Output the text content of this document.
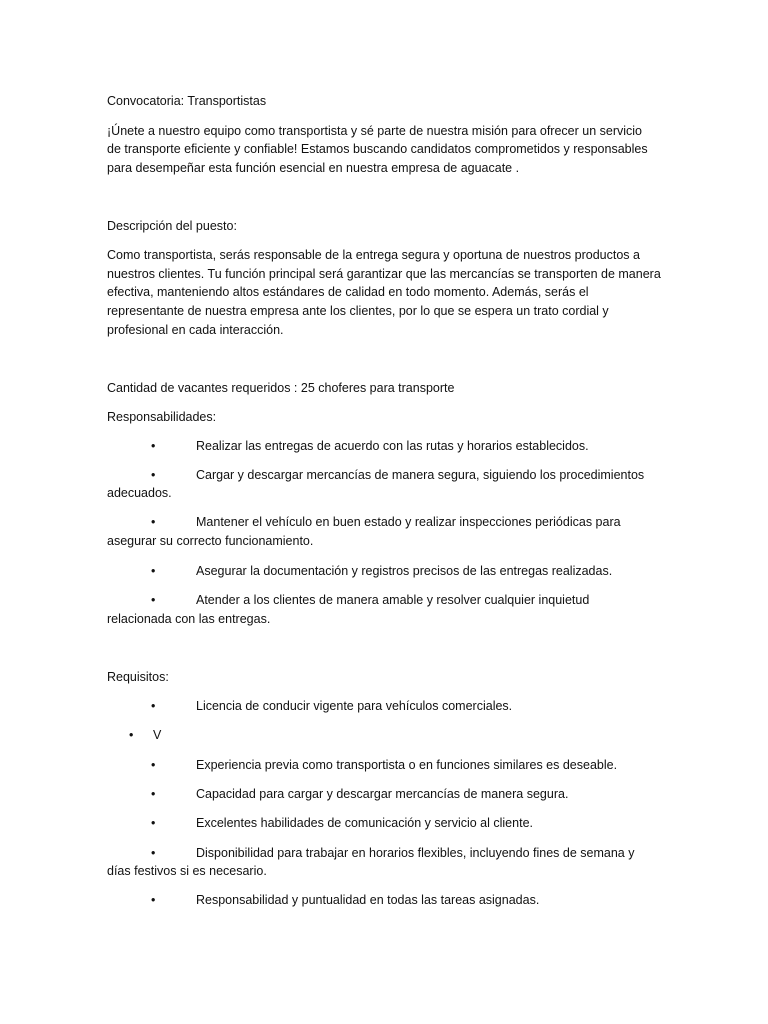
Convocatoria: Transportistas
¡Únete a nuestro equipo como transportista y sé parte de nuestra misión para ofrecer un servicio
de transporte eficiente y confiable! Estamos buscando candidatos comprometidos y responsables
para desempeñar esta función esencial en nuestra empresa de aguacate .
Descripción del puesto:
Como transportista, serás responsable de la entrega segura y oportuna de nuestros productos a
nuestros clientes. Tu función principal será garantizar que las mercancías se transporten de manera
efectiva, manteniendo altos estándares de calidad en todo momento. Además, serás el
representante de nuestra empresa ante los clientes, por lo que se espera un trato cordial y
profesional en cada interacción.
Cantidad de vacantes requeridos : 25 choferes para transporte
Responsabilidades:
•	Realizar las entregas de acuerdo con las rutas y horarios establecidos.
•	Cargar y descargar mercancías de manera segura, siguiendo los procedimientos
adecuados.
•	Mantener el vehículo en buen estado y realizar inspecciones periódicas para
asegurar su correcto funcionamiento.
•	Asegurar la documentación y registros precisos de las entregas realizadas.
•	Atender a los clientes de manera amable y resolver cualquier inquietud
relacionada con las entregas.
Requisitos:
•	Licencia de conducir vigente para vehículos comerciales.
• V
•	Experiencia previa como transportista o en funciones similares es deseable.
•	Capacidad para cargar y descargar mercancías de manera segura.
•	Excelentes habilidades de comunicación y servicio al cliente.
•	Disponibilidad para trabajar en horarios flexibles, incluyendo fines de semana y
días festivos si es necesario.
•	Responsabilidad y puntualidad en todas las tareas asignadas.
